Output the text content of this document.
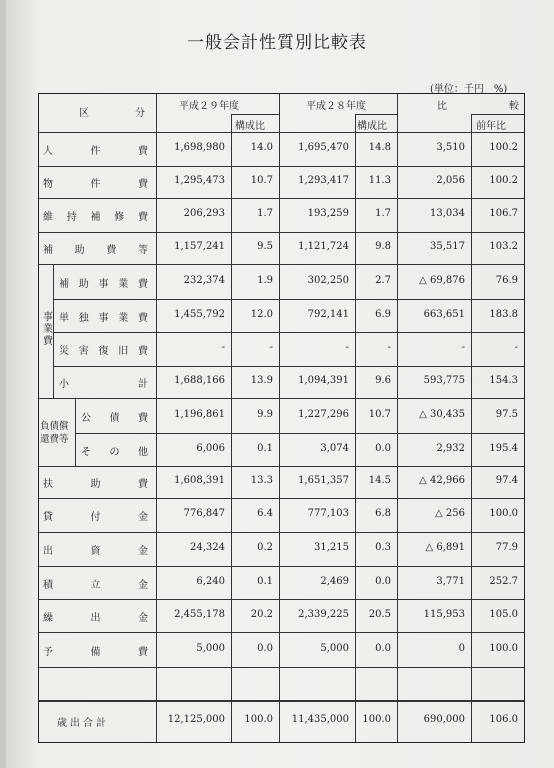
一般会計性質別比較表
(単位：千円　%)
区　分
平成２９年度	平成２８年度	比　較
構成比	構成比	前年比
事業費
負債償還費等
人	件	費	1,698,980	14.0	1,695,470	14.8	3,510	100.2
物	件	費	1,295,473	10.7	1,293,417	11.3	2,056	100.2
維 持 補 修 費	206,293	1.7	193,259	1.7	13,034	106.7
補 助 費 等	1,157,241	9.5	1,121,724	9.8	35,517	103.2
補 助 事 業 費	232,374	1.9	302,250	2.7	△ 69,876	76.9
単 独 事 業 費	1,455,792	12.0	792,141	6.9	663,651	183.8
災 害 復 旧 費	-	-	-	-	-	-
小	計	1,688,166	13.9	1,094,391	9.6	593,775	154.3
公 債 費	1,196,861	9.9	1,227,296	10.7	△ 30,435	97.5
そ の 他	6,006	0.1	3,074	0.0	2,932	195.4
扶	助	費	1,608,391	13.3	1,651,357	14.5	△ 42,966	97.4
貸	付	金	776,847	6.4	777,103	6.8	△ 256	100.0
出	資	金	24,324	0.2	31,215	0.3	△ 6,891	77.9
積	立	金	6,240	0.1	2,469	0.0	3,771	252.7
繰	出	金	2,455,178	20.2	2,339,225	20.5	115,953	105.0
予	備	費	5,000	0.0	5,000	0.0	0	100.0
歳出合計	12,125,000	100.0	11,435,000	100.0	690,000	106.0
